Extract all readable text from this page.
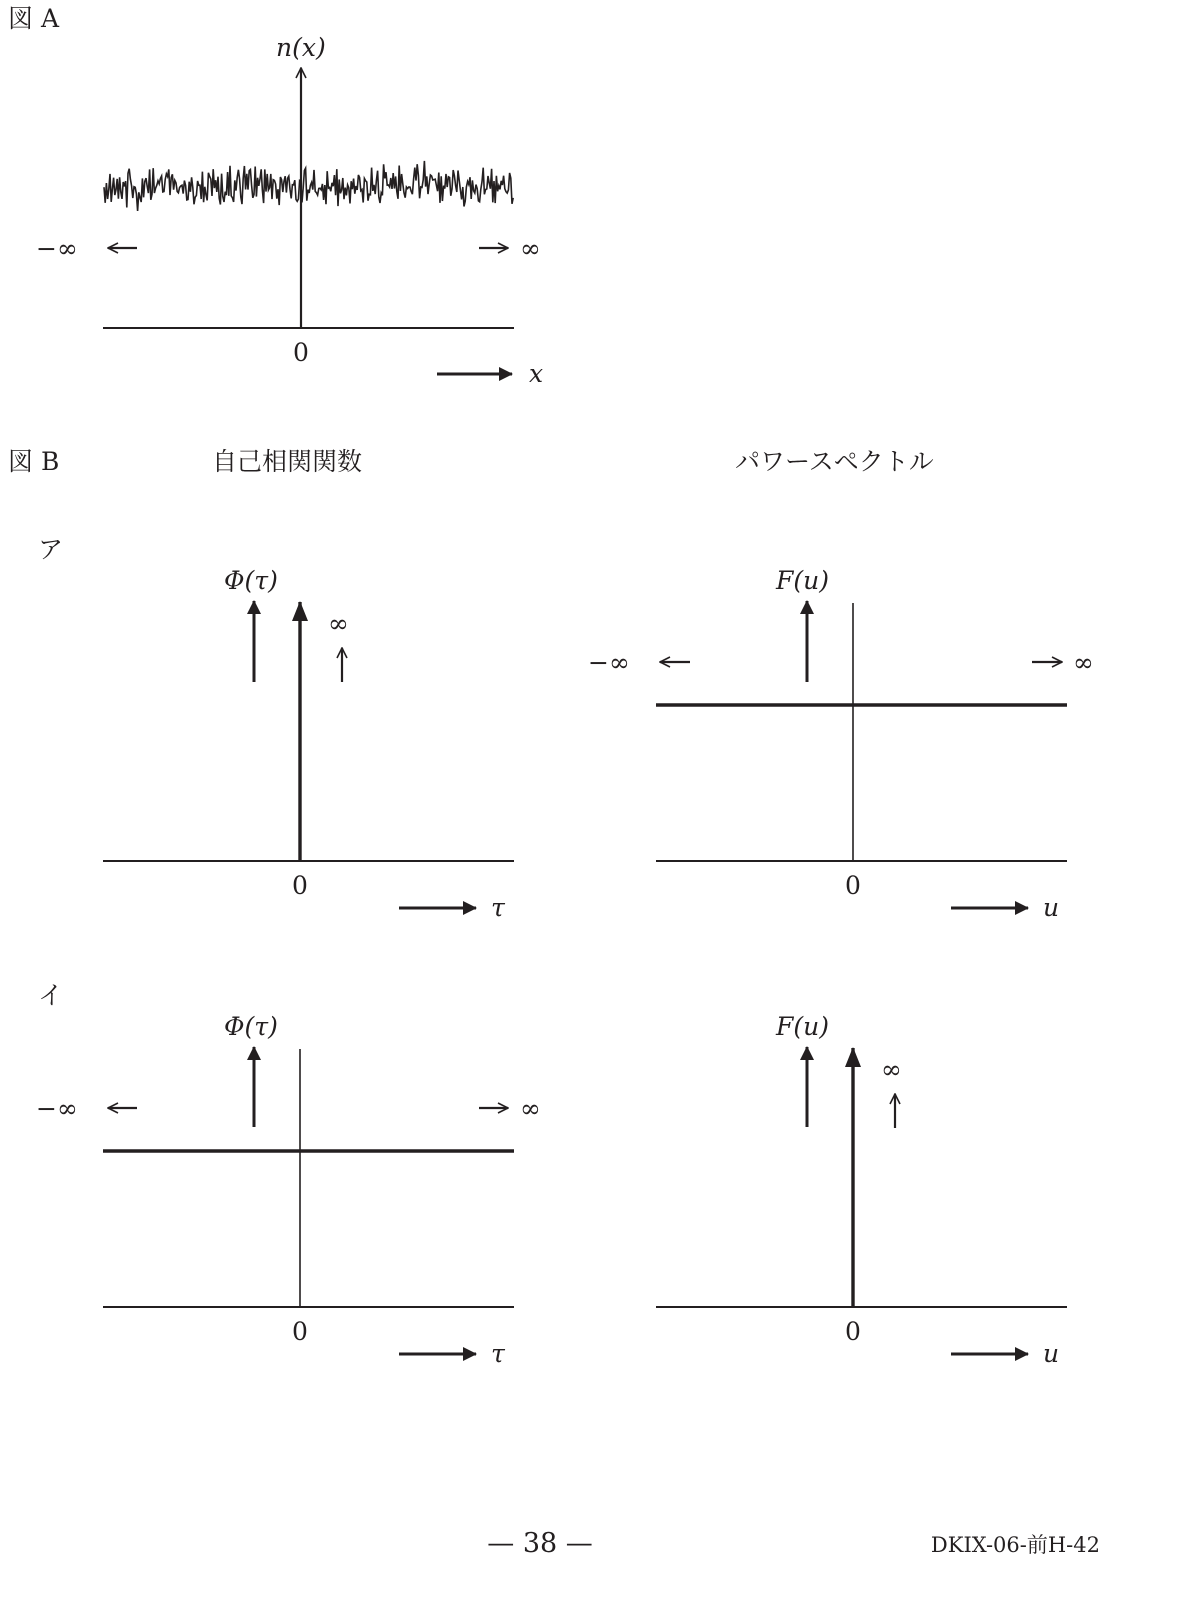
図 A
n(x)
−∞	∞
0
x
図 B	自己相関関数	パワースペクトル
ア
Φ(τ)
∞
0
τ
F(u)
−∞	∞
0
u
イ
Φ(τ)
−∞	∞
0
τ
F(u)
∞
0
u
— 38 —	DKIX-06-前H-42
